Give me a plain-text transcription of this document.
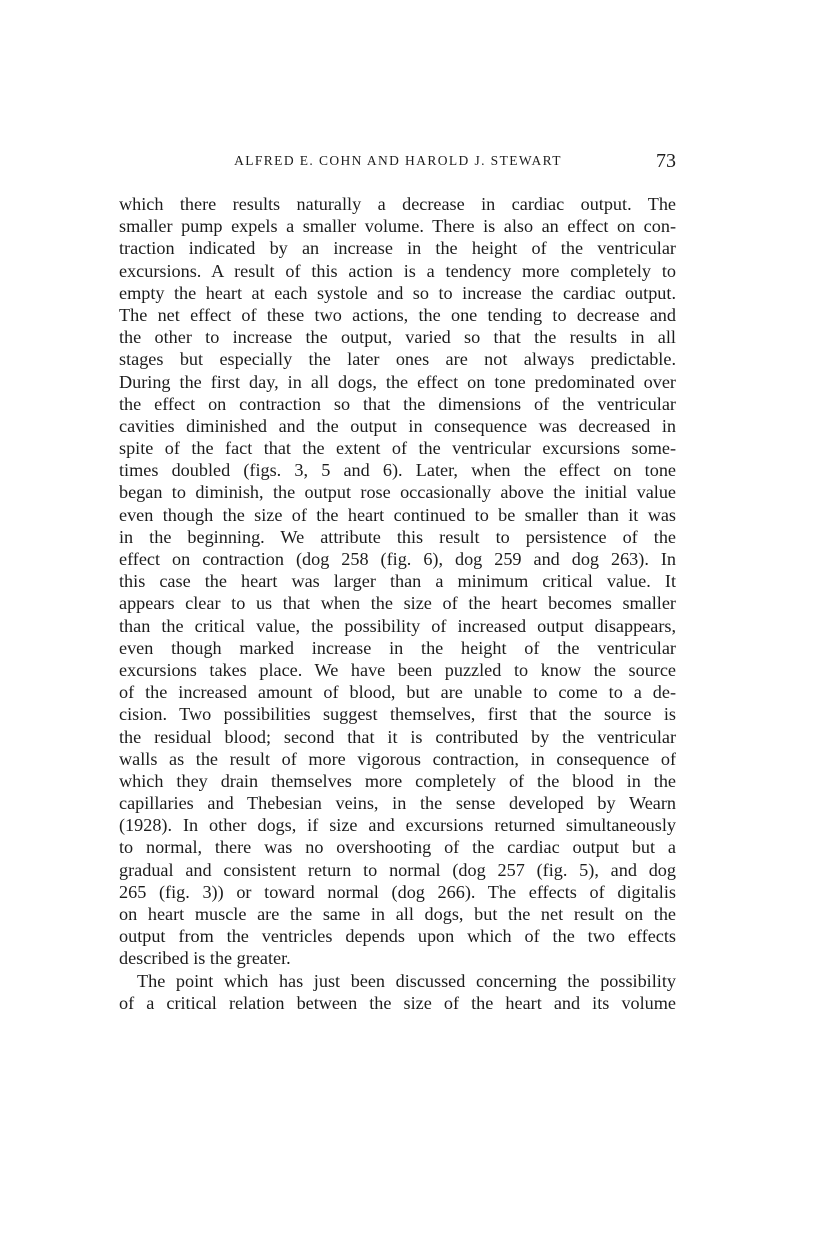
ALFRED E. COHN AND HAROLD J. STEWART	73
which there results naturally a decrease in cardiac output. The
smaller pump expels a smaller volume. There is also an effect on con-
traction indicated by an increase in the height of the ventricular
excursions. A result of this action is a tendency more completely to
empty the heart at each systole and so to increase the cardiac output.
The net effect of these two actions, the one tending to decrease and
the other to increase the output, varied so that the results in all
stages but especially the later ones are not always predictable.
During the first day, in all dogs, the effect on tone predominated over
the effect on contraction so that the dimensions of the ventricular
cavities diminished and the output in consequence was decreased in
spite of the fact that the extent of the ventricular excursions some-
times doubled (figs. 3, 5 and 6). Later, when the effect on tone
began to diminish, the output rose occasionally above the initial value
even though the size of the heart continued to be smaller than it was
in the beginning. We attribute this result to persistence of the
effect on contraction (dog 258 (fig. 6), dog 259 and dog 263). In
this case the heart was larger than a minimum critical value. It
appears clear to us that when the size of the heart becomes smaller
than the critical value, the possibility of increased output disappears,
even though marked increase in the height of the ventricular
excursions takes place. We have been puzzled to know the source
of the increased amount of blood, but are unable to come to a de-
cision. Two possibilities suggest themselves, first that the source is
the residual blood; second that it is contributed by the ventricular
walls as the result of more vigorous contraction, in consequence of
which they drain themselves more completely of the blood in the
capillaries and Thebesian veins, in the sense developed by Wearn
(1928). In other dogs, if size and excursions returned simultaneously
to normal, there was no overshooting of the cardiac output but a
gradual and consistent return to normal (dog 257 (fig. 5), and dog
265 (fig. 3)) or toward normal (dog 266). The effects of digitalis
on heart muscle are the same in all dogs, but the net result on the
output from the ventricles depends upon which of the two effects
described is the greater.
The point which has just been discussed concerning the possibility
of a critical relation between the size of the heart and its volume
